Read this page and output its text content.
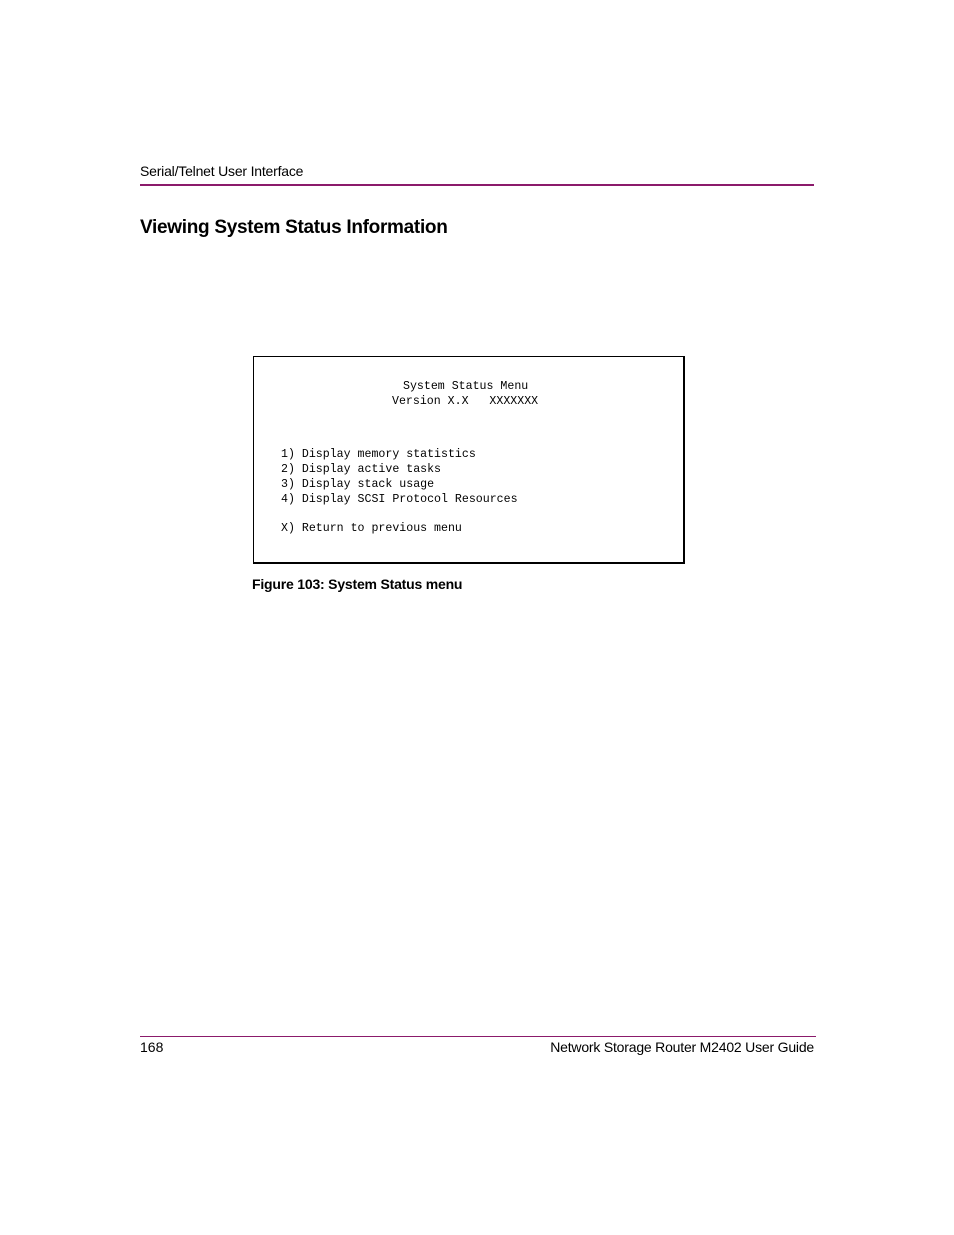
Serial/Telnet User Interface
Viewing System Status Information
System Status Menu
Version X.X   XXXXXXX
1) Display memory statistics
2) Display active tasks
3) Display stack usage
4) Display SCSI Protocol Resources
X) Return to previous menu
Figure 103: System Status menu
168	Network Storage Router M2402 User Guide
